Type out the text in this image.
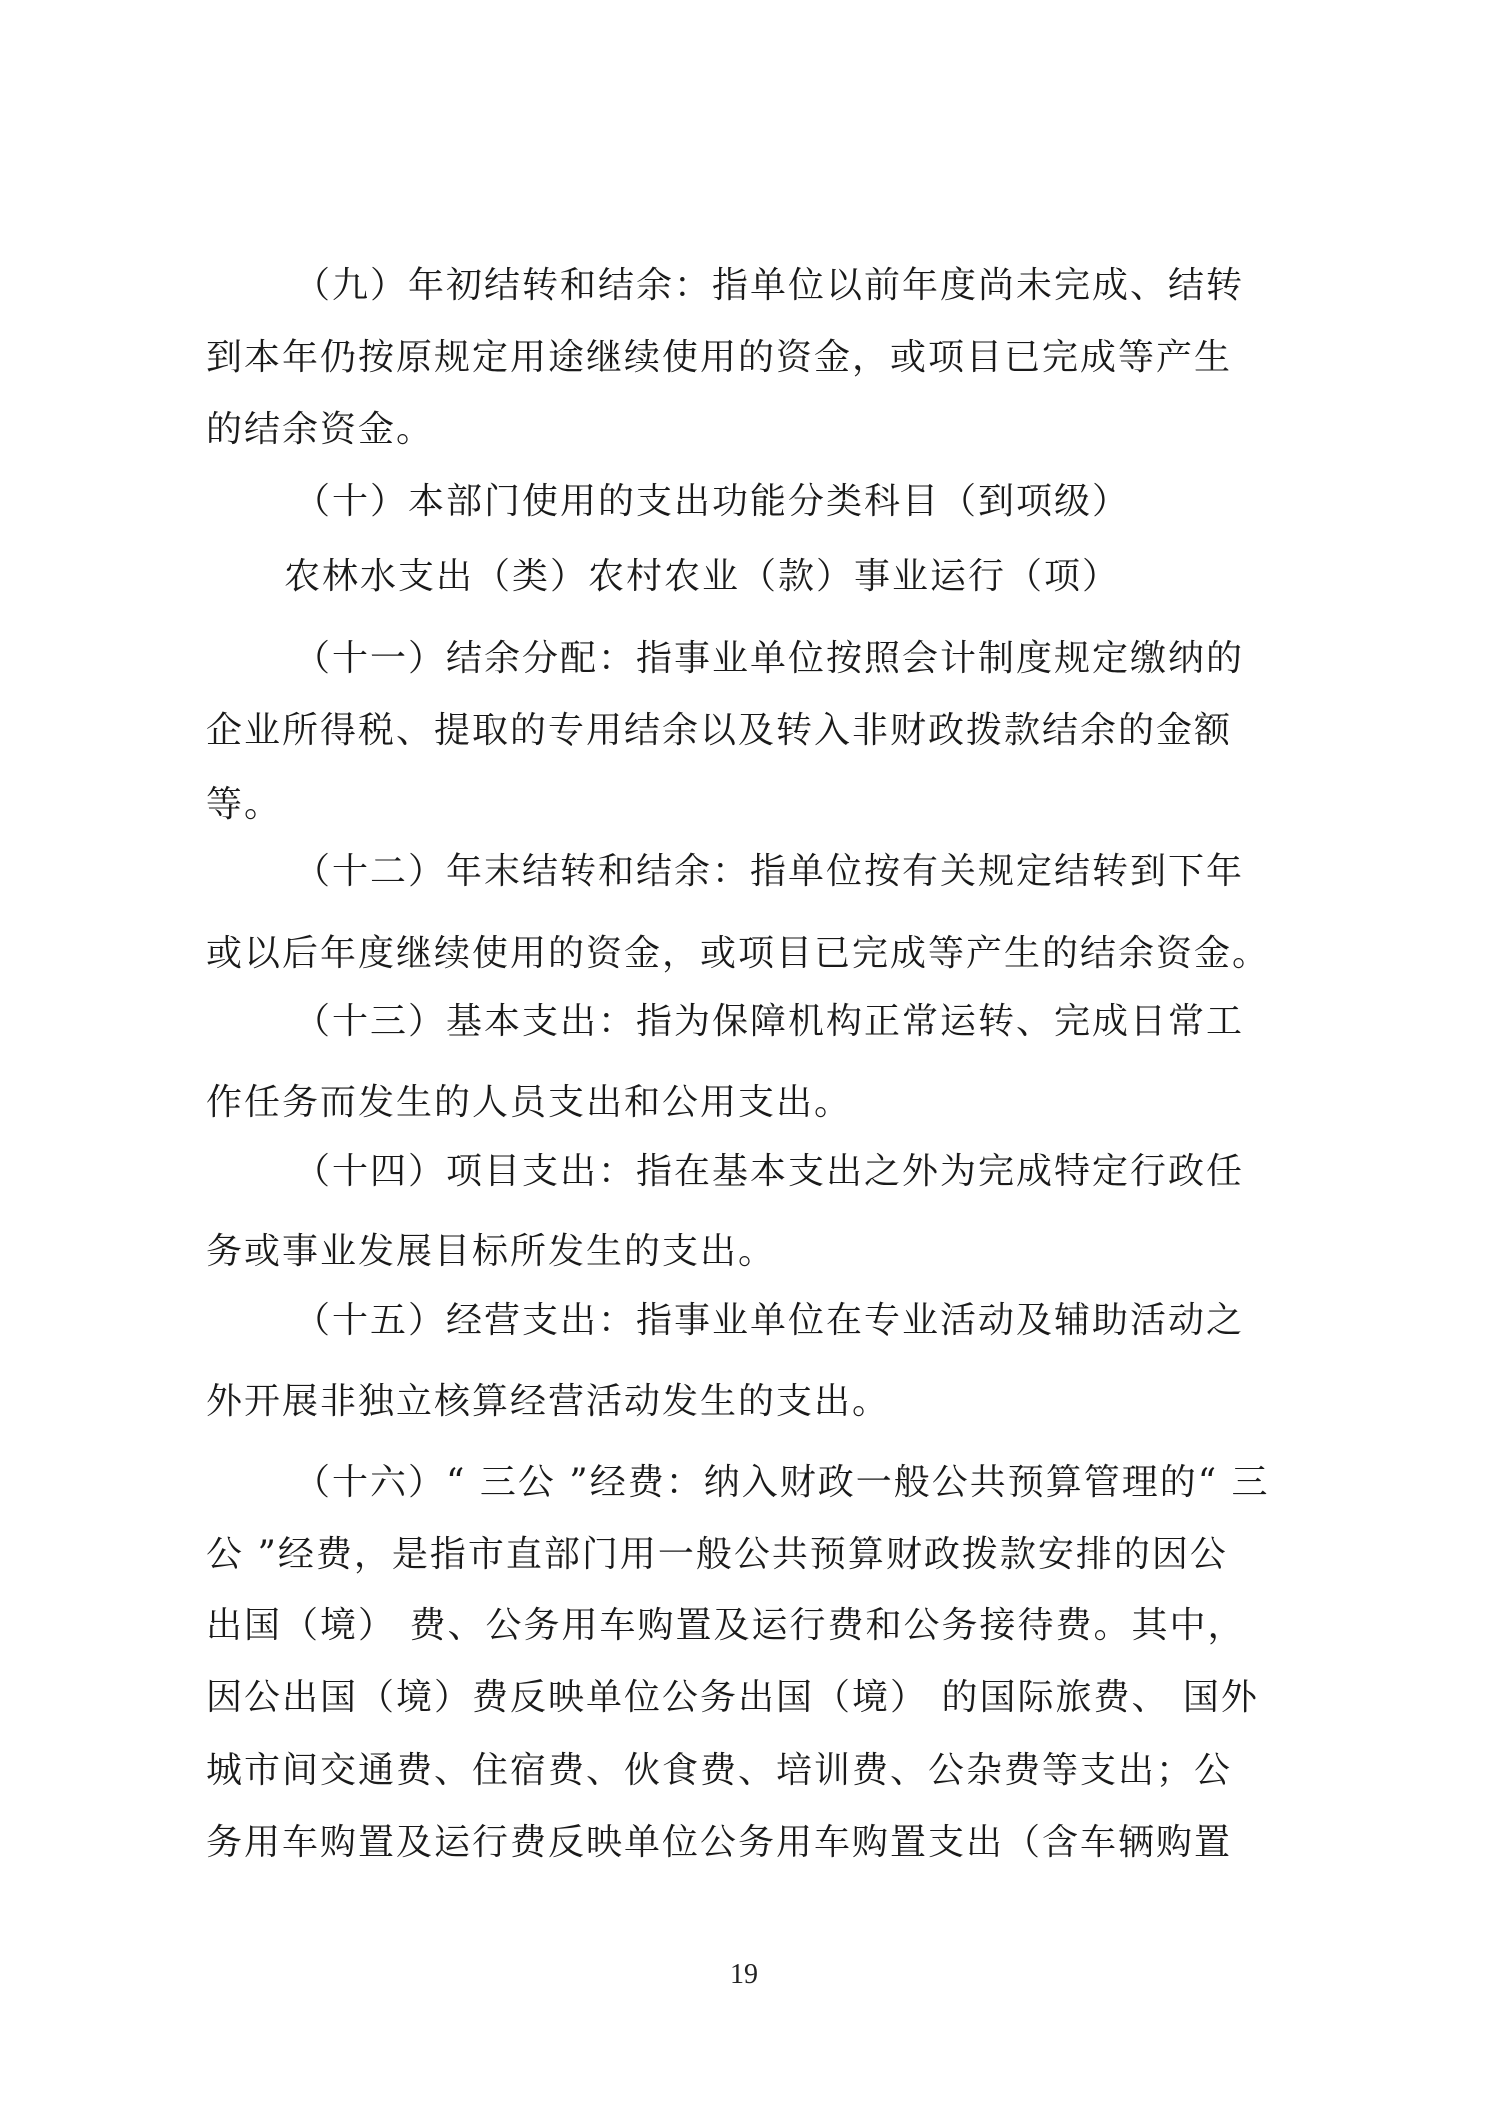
（九）年初结转和结余：指单位以前年度尚未完成、结转
到本年仍按原规定用途继续使用的资金，或项目已完成等产生
的结余资金。
（十）本部门使用的支出功能分类科目（到项级）
农林水支出（类）农村农业（款）事业运行（项）
（十一）结余分配：指事业单位按照会计制度规定缴纳的
企业所得税、提取的专用结余以及转入非财政拨款结余的金额
等。
（十二）年末结转和结余：指单位按有关规定结转到下年
或以后年度继续使用的资金，或项目已完成等产生的结余资金。
（十三）基本支出：指为保障机构正常运转、完成日常工
作任务而发生的人员支出和公用支出。
（十四）项目支出：指在基本支出之外为完成特定行政任
务或事业发展目标所发生的支出。
（十五）经营支出：指事业单位在专业活动及辅助活动之
外开展非独立核算经营活动发生的支出。
（十六）“ 三公 ”经费：纳入财政一般公共预算管理的“ 三
公 ”经费，是指市直部门用一般公共预算财政拨款安排的因公
出国（境） 费、公务用车购置及运行费和公务接待费。其中，
因公出国（境）费反映单位公务出国（境） 的国际旅费、 国外
城市间交通费、住宿费、伙食费、培训费、公杂费等支出；公
务用车购置及运行费反映单位公务用车购置支出（含车辆购置
19
